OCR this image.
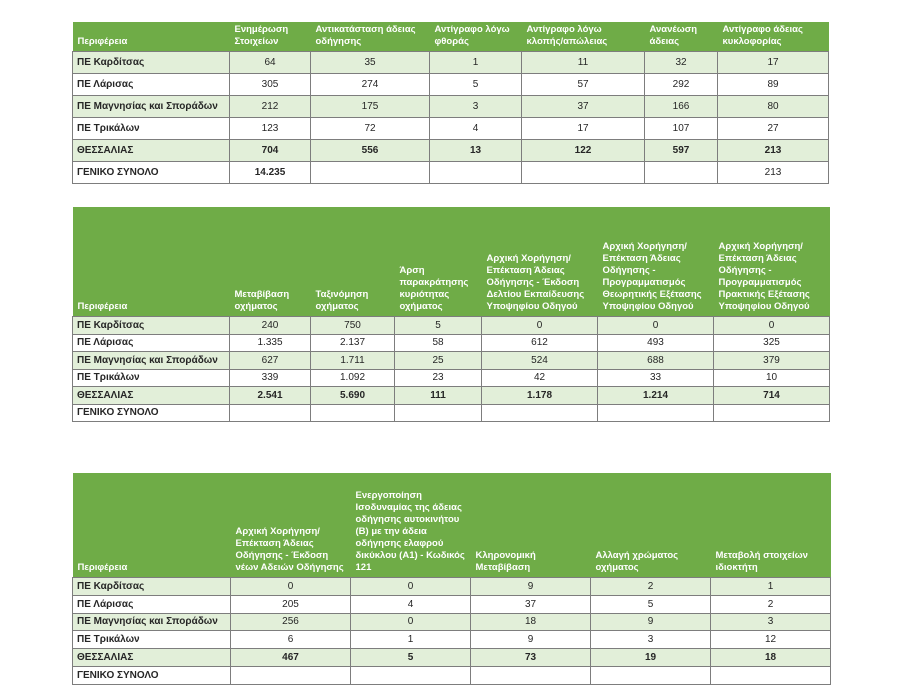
Περιφέρεια	Ενημέρωση Στοιχείων	Αντικατάσταση άδειας οδήγησης	Αντίγραφο λόγω φθοράς	Αντίγραφο λόγω κλοπής/απώλειας	Ανανέωση άδειας	Αντίγραφο άδειας κυκλοφορίας
ΠΕ Καρδίτσας	64	35	1	11	32	17
ΠΕ Λάρισας	305	274	5	57	292	89
ΠΕ Μαγνησίας και Σποράδων	212	175	3	37	166	80
ΠΕ Τρικάλων	123	72	4	17	107	27
ΘΕΣΣΑΛΙΑΣ	704	556	13	122	597	213
ΓΕΝΙΚΟ ΣΥΝΟΛΟ	14.235					213
Περιφέρεια	Μεταβίβαση οχήματος	Ταξινόμηση οχήματος	Άρση παρακράτησης κυριότητας οχήματος	Αρχική Χορήγηση/Επέκταση Άδειας Οδήγησης - Έκδοση Δελτίου Εκπαίδευσης Υποψηφίου Οδηγού	Αρχική Χορήγηση/Επέκταση Άδειας Οδήγησης - Προγραμματισμός Θεωρητικής Εξέτασης Υποψηφίου Οδηγού	Αρχική Χορήγηση/Επέκταση Άδειας Οδήγησης - Προγραμματισμός Πρακτικής Εξέτασης Υποψηφίου Οδηγού
ΠΕ Καρδίτσας	240	750	5	0	0	0
ΠΕ Λάρισας	1.335	2.137	58	612	493	325
ΠΕ Μαγνησίας και Σποράδων	627	1.711	25	524	688	379
ΠΕ Τρικάλων	339	1.092	23	42	33	10
ΘΕΣΣΑΛΙΑΣ	2.541	5.690	111	1.178	1.214	714
ΓΕΝΙΚΟ ΣΥΝΟΛΟ						
Περιφέρεια	Αρχική Χορήγηση/Επέκταση Άδειας Οδήγησης - Έκδοση νέων Αδειών Οδήγησης	Ενεργοποίηση Ισοδυναμίας της άδειας οδήγησης αυτοκινήτου (Β) με την άδεια οδήγησης ελαφρού δικύκλου (Α1) - Κωδικός 121	Κληρονομική Μεταβίβαση	Αλλαγή χρώματος οχήματος	Μεταβολή στοιχείων ιδιοκτήτη
ΠΕ Καρδίτσας	0	0	9	2	1
ΠΕ Λάρισας	205	4	37	5	2
ΠΕ Μαγνησίας και Σποράδων	256	0	18	9	3
ΠΕ Τρικάλων	6	1	9	3	12
ΘΕΣΣΑΛΙΑΣ	467	5	73	19	18
ΓΕΝΙΚΟ ΣΥΝΟΛΟ					
